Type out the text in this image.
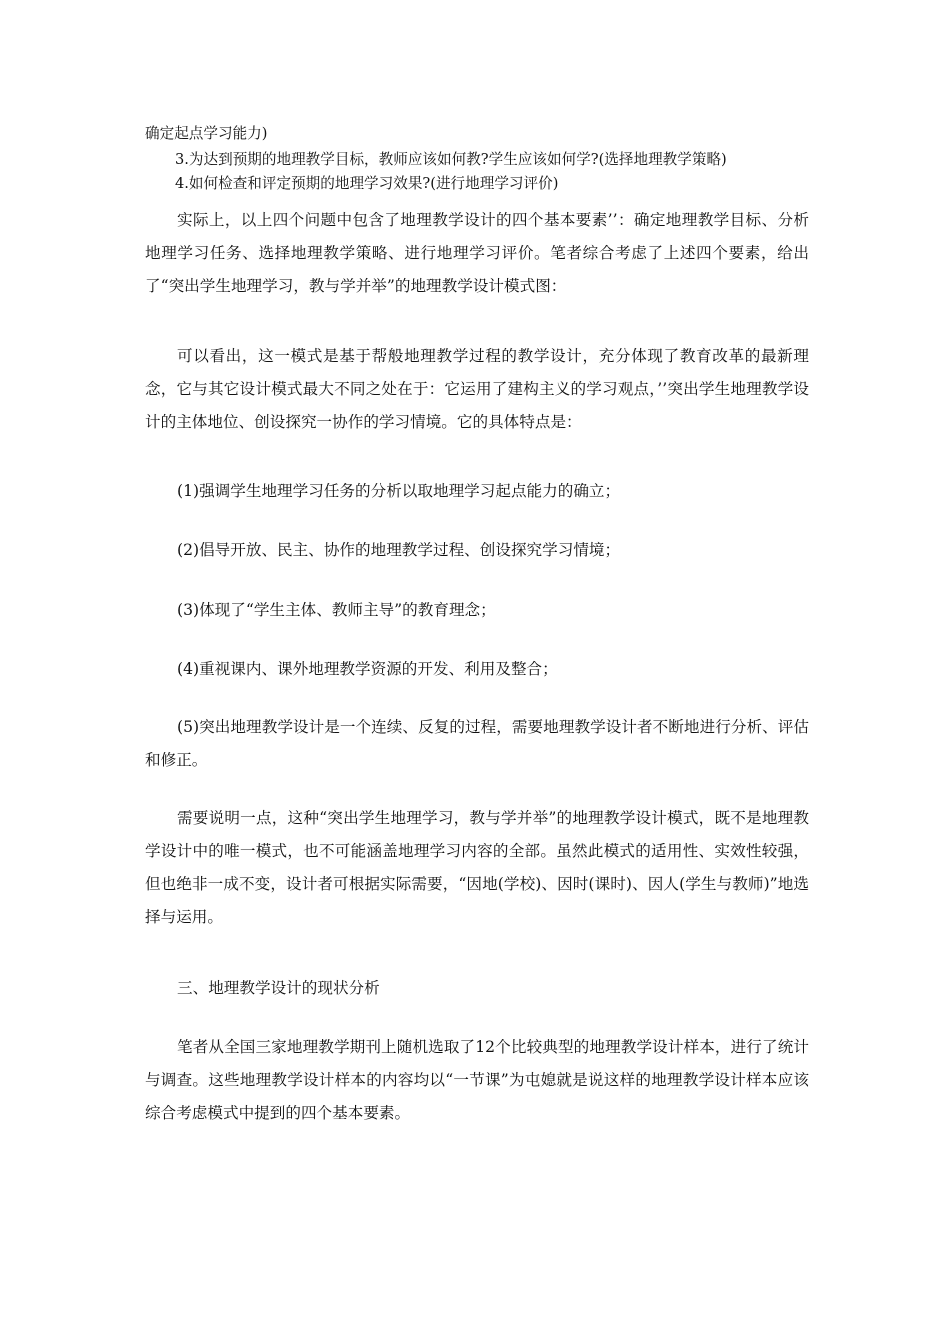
确定起点学习能力)

3.为达到预期的地理教学目标，教师应该如何教?学生应该如何学?(选择地理教学策略)

4.如何检查和评定预期的地理学习效果?(进行地理学习评价)

实际上，以上四个问题中包含了地理教学设计的四个基本要素’’：确定地理教学目标、分析地理学习任务、选择地理教学策略、进行地理学习评价。笔者综合考虑了上述四个要素，给出了“突出学生地理学习，教与学并举”的地理教学设计模式图：

可以看出，这一模式是基于帮般地理教学过程的教学设计，充分体现了教育改革的最新理念，它与其它设计模式最大不同之处在于：它运用了建构主义的学习观点，’’突出学生地理教学设计的主体地位、创设探究一协作的学习情境。它的具体特点是：

(1)强调学生地理学习任务的分析以取地理学习起点能力的确立；

(2)倡导开放、民主、协作的地理教学过程、创设探究学习情境；

(3)体现了“学生主体、教师主导”的教育理念；

(4)重视课内、课外地理教学资源的开发、利用及整合；

(5)突出地理教学设计是一个连续、反复的过程，需要地理教学设计者不断地进行分析、评估和修正。

需要说明一点，这种“突出学生地理学习，教与学并举”的地理教学设计模式，既不是地理教学设计中的唯一模式，也不可能涵盖地理学习内容的全部。虽然此模式的适用性、实效性较强，但也绝非一成不变，设计者可根据实际需要，“因地(学校)、因时(课时)、因人(学生与教师)”地选择与运用。

三、地理教学设计的现状分析

笔者从全国三家地理教学期刊上随机选取了12个比较典型的地理教学设计样本，进行了统计与调查。这些地理教学设计样本的内容均以“一节课”为屯媳就是说这样的地理教学设计样本应该综合考虑模式中提到的四个基本要素。
